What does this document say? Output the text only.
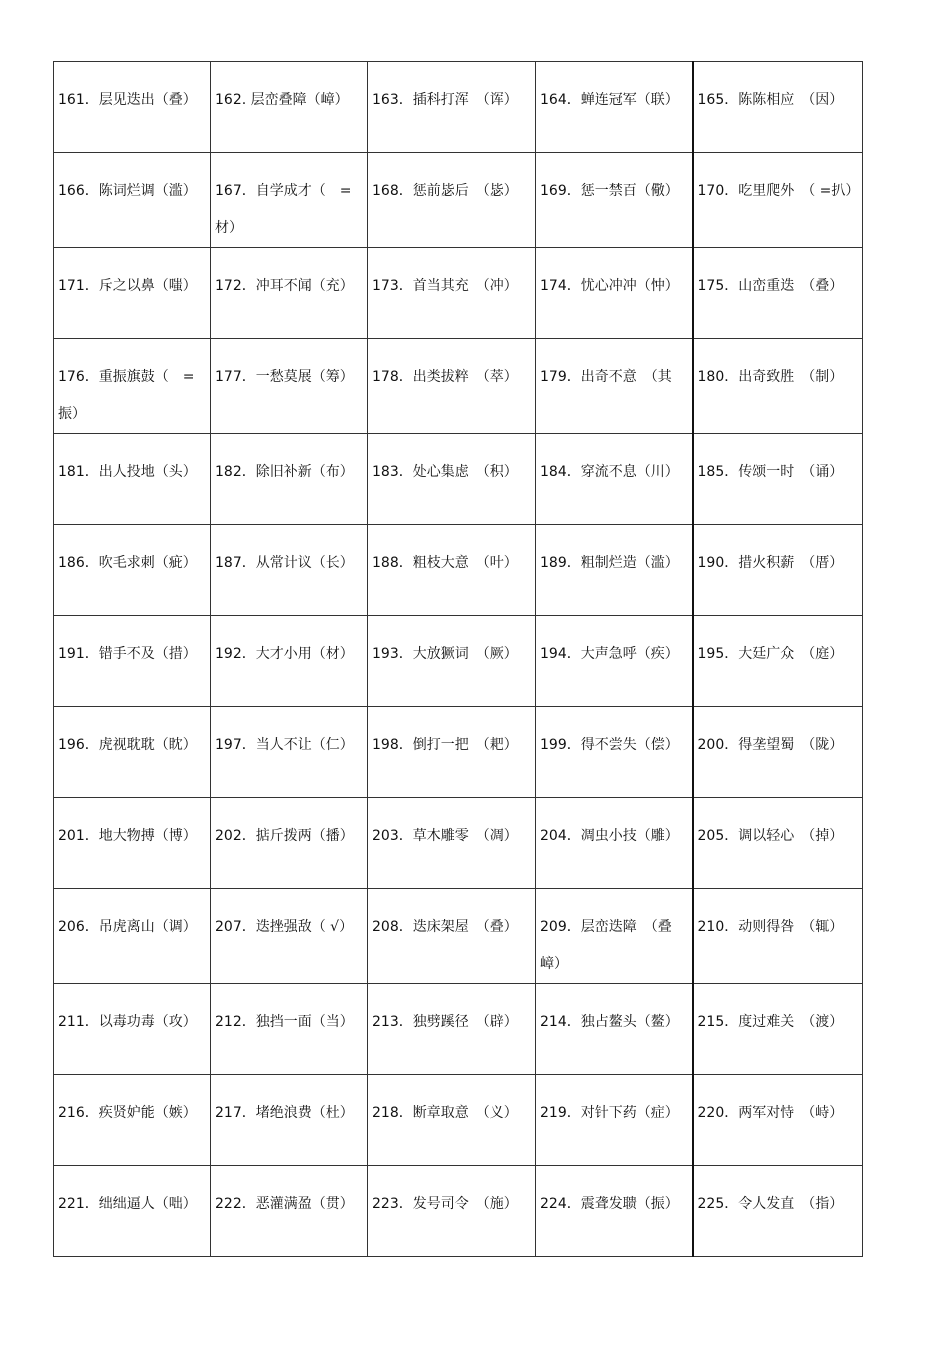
161．层见迭出（叠）	162. 层峦叠障（嶂）	163．插科打浑　（诨）	164．蝉连冠军（联）	165．陈陈相应　（因）
166．陈词烂调（滥）	167．自学成才（　=材）	168．惩前毖后　（毖）	169．惩一禁百（儆）	170．吃里爬外　（ =扒）
171．斥之以鼻（嗤）	172．冲耳不闻（充）	173．首当其充　（冲）	174．忧心冲冲（忡）	175．山峦重迭　（叠）
176．重振旗鼓（　=振）	177．一愁莫展（筹）	178．出类拔粹　（萃）	179．出奇不意　（其	180．出奇致胜　（制）
181．出人投地（头）	182．除旧补新（布）	183．处心集虑　（积）	184．穿流不息（川）	185．传颂一时　（诵）
186．吹毛求刺（疵）	187．从常计议（长）	188．粗枝大意　（叶）	189．粗制烂造（滥）	190．措火积薪　（厝）
191．错手不及（措）	192．大才小用（材）	193．大放獗词　（厥）	194．大声急呼（疾）	195．大廷广众　（庭）
196．虎视耽耽（眈）	197．当人不让（仁）	198．倒打一把　（耙）	199．得不尝失（偿）	200．得垄望蜀　（陇）
201．地大物搏（博）	202．掂斤拨两（播）	203．草木雕零　（凋）	204．凋虫小技（雕）	205．调以轻心　（掉）
206．吊虎离山（调）	207．迭挫强敌（ √）	208．迭床架屋　（叠）	209．层峦迭障　（叠嶂）	210．动则得咎　（辄）
211．以毒功毒（攻）	212．独挡一面（当）	213．独劈蹊径　（辟）	214．独占鳌头（鳌）	215．度过难关　（渡）
216．疾贤妒能（嫉）	217．堵绝浪费（杜）	218．断章取意　（义）	219．对针下药（症）	220．两军对恃　（峙）
221．绌绌逼人（咄）	222．恶灌满盈（贯）	223．发号司令　（施）	224．震聋发聩（振）	225．令人发直　（指）
